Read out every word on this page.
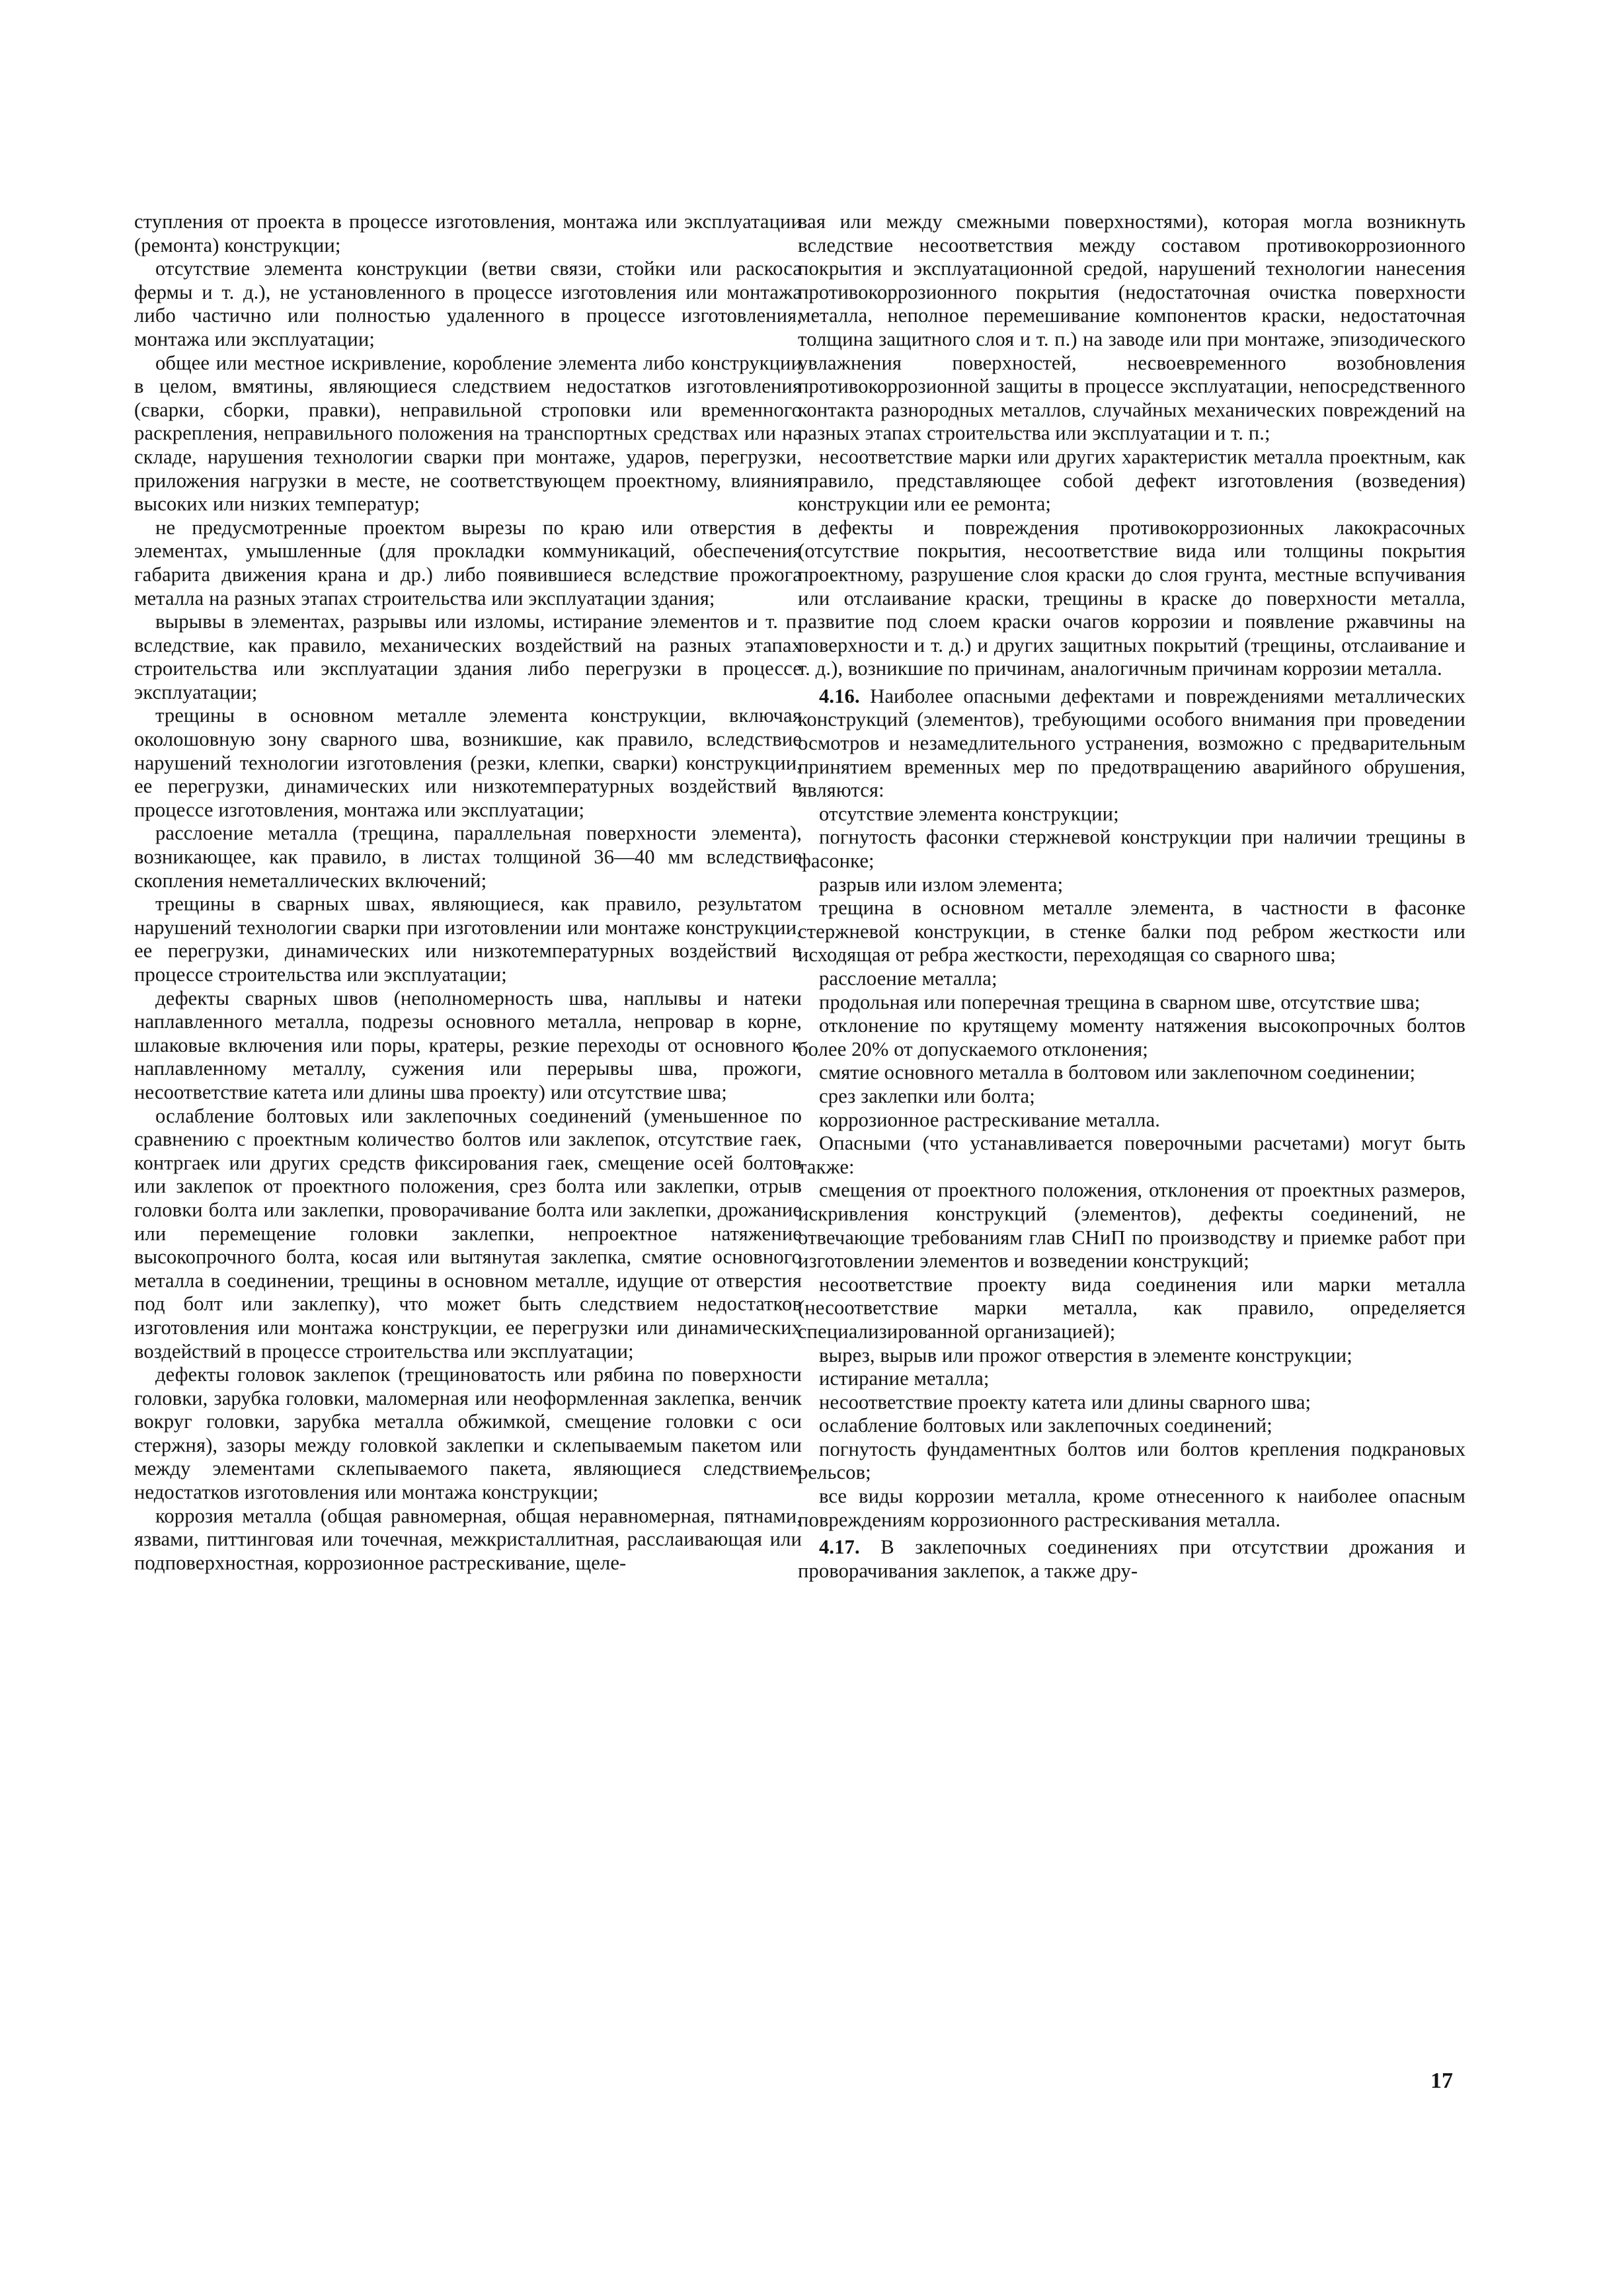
ступления от проекта в процессе изготовления, монтажа или эксплуатации (ремонта) конструкции;

отсутствие элемента конструкции (ветви связи, стойки или раскоса фермы и т. д.), не установленного в процессе изготовления или монтажа либо частично или полностью удаленного в процессе изготовления, монтажа или эксплуатации;

общее или местное искривление, коробление элемента либо конструкции в целом, вмятины, являющиеся следствием недостатков изготовления (сварки, сборки, правки), неправильной строповки или временного раскрепления, неправильного положения на транспортных средствах или на складе, нарушения технологии сварки при монтаже, ударов, перегрузки, приложения нагрузки в месте, не соответствующем проектному, влияния высоких или низких температур;

не предусмотренные проектом вырезы по краю или отверстия в элементах, умышленные (для прокладки коммуникаций, обеспечения габарита движения крана и др.) либо появившиеся вследствие прожога металла на разных этапах строительства или эксплуатации здания;

вырывы в элементах, разрывы или изломы, истирание элементов и т. п. вследствие, как правило, механических воздействий на разных этапах строительства или эксплуатации здания либо перегрузки в процессе эксплуатации;

трещины в основном металле элемента конструкции, включая околошовную зону сварного шва, возникшие, как правило, вследствие нарушений технологии изготовления (резки, клепки, сварки) конструкции, ее перегрузки, динамических или низкотемпературных воздействий в процессе изготовления, монтажа или эксплуатации;

расслоение металла (трещина, параллельная поверхности элемента), возникающее, как правило, в листах толщиной 36—40 мм вследствие скопления неметаллических включений;

трещины в сварных швах, являющиеся, как правило, результатом нарушений технологии сварки при изготовлении или монтаже конструкции, ее перегрузки, динамических или низкотемпературных воздействий в процессе строительства или эксплуатации;

дефекты сварных швов (неполномерность шва, наплывы и натеки наплавленного металла, подрезы основного металла, непровар в корне, шлаковые включения или поры, кратеры, резкие переходы от основного к наплавленному металлу, сужения или перерывы шва, прожоги, несоответствие катета или длины шва проекту) или отсутствие шва;

ослабление болтовых или заклепочных соединений (уменьшенное по сравнению с проектным количество болтов или заклепок, отсутствие гаек, контргаек или других средств фиксирования гаек, смещение осей болтов или заклепок от проектного положения, срез болта или заклепки, отрыв головки болта или заклепки, проворачивание болта или заклепки, дрожание или перемещение головки заклепки, непроектное натяжение высокопрочного болта, косая или вытянутая заклепка, смятие основного металла в соединении, трещины в основном металле, идущие от отверстия под болт или заклепку), что может быть следствием недостатков изготовления или монтажа конструкции, ее перегрузки или динамических воздействий в процессе строительства или эксплуатации;

дефекты головок заклепок (трещиноватость или рябина по поверхности головки, зарубка головки, маломерная или неоформленная заклепка, венчик вокруг головки, зарубка металла обжимкой, смещение головки с оси стержня), зазоры между головкой заклепки и склепываемым пакетом или между элементами склепываемого пакета, являющиеся следствием недостатков изготовления или монтажа конструкции;

коррозия металла (общая равномерная, общая неравномерная, пятнами, язвами, питтинговая или точечная, межкристаллитная, расслаивающая или подповерхностная, коррозионное растрескивание, щеле-

вая или между смежными поверхностями), которая могла возникнуть вследствие несоответствия между составом противокоррозионного покрытия и эксплуатационной средой, нарушений технологии нанесения противокоррозионного покрытия (недостаточная очистка поверхности металла, неполное перемешивание компонентов краски, недостаточная толщина защитного слоя и т. п.) на заводе или при монтаже, эпизодического увлажнения поверхностей, несвоевременного возобновления противокоррозионной защиты в процессе эксплуатации, непосредственного контакта разнородных металлов, случайных механических повреждений на разных этапах строительства или эксплуатации и т. п.;

несоответствие марки или других характеристик металла проектным, как правило, представляющее собой дефект изготовления (возведения) конструкции или ее ремонта;

дефекты и повреждения противокоррозионных лакокрасочных (отсутствие покрытия, несоответствие вида или толщины покрытия проектному, разрушение слоя краски до слоя грунта, местные вспучивания или отслаивание краски, трещины в краске до поверхности металла, развитие под слоем краски очагов коррозии и появление ржавчины на поверхности и т. д.) и других защитных покрытий (трещины, отслаивание и т. д.), возникшие по причинам, аналогичным причинам коррозии металла.

4.16. Наиболее опасными дефектами и повреждениями металлических конструкций (элементов), требующими особого внимания при проведении осмотров и незамедлительного устранения, возможно с предварительным принятием временных мер по предотвращению аварийного обрушения, являются:

отсутствие элемента конструкции;

погнутость фасонки стержневой конструкции при наличии трещины в фасонке;

разрыв или излом элемента;

трещина в основном металле элемента, в частности в фасонке стержневой конструкции, в стенке балки под ребром жесткости или исходящая от ребра жесткости, переходящая со сварного шва;

расслоение металла;

продольная или поперечная трещина в сварном шве, отсутствие шва;

отклонение по крутящему моменту натяжения высокопрочных болтов более 20% от допускаемого отклонения;

смятие основного металла в болтовом или заклепочном соединении;

срез заклепки или болта;

коррозионное растрескивание металла.

Опасными (что устанавливается поверочными расчетами) могут быть также:

смещения от проектного положения, отклонения от проектных размеров, искривления конструкций (элементов), дефекты соединений, не отвечающие требованиям глав СНиП по производству и приемке работ при изготовлении элементов и возведении конструкций;

несоответствие проекту вида соединения или марки металла (несоответствие марки металла, как правило, определяется специализированной организацией);

вырез, вырыв или прожог отверстия в элементе конструкции;

истирание металла;

несоответствие проекту катета или длины сварного шва;

ослабление болтовых или заклепочных соединений;

погнутость фундаментных болтов или болтов крепления подкрановых рельсов;

все виды коррозии металла, кроме отнесенного к наиболее опасным повреждениям коррозионного растрескивания металла.

4.17. В заклепочных соединениях при отсутствии дрожания и проворачивания заклепок, а также дру-

17
